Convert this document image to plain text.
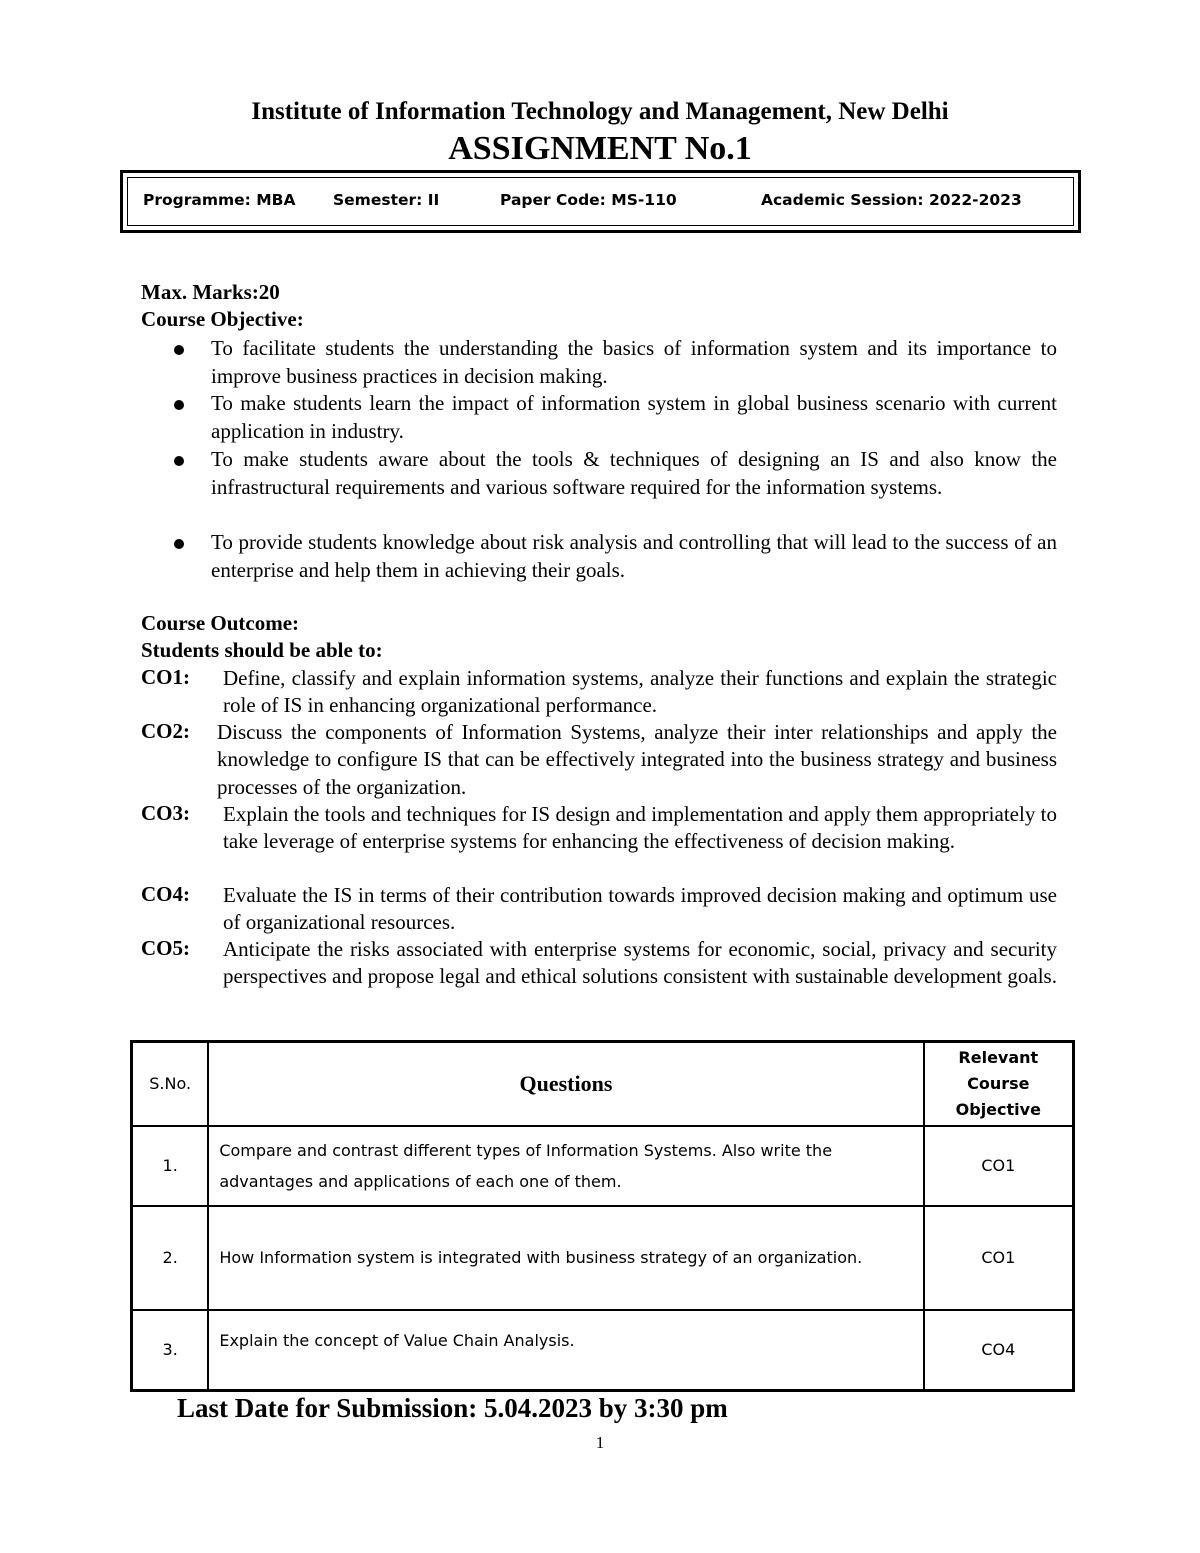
Institute of Information Technology and Management, New Delhi
ASSIGNMENT No.1
Programme: MBA Semester: II	Paper Code: MS-110	Academic Session: 2022-2023
Max. Marks:20
Course Objective:
To facilitate students the understanding the basics of information system and its importance to improve business practices in decision making.
To make students learn the impact of information system in global business scenario with current application in industry.
To make students aware about the tools & techniques of designing an IS and also know the infrastructural requirements and various software required for the information systems.
To provide students knowledge about risk analysis and controlling that will lead to the success of an enterprise and help them in achieving their goals.
Course Outcome:
Students should be able to:
CO1: Define, classify and explain information systems, analyze their functions and explain the strategic role of IS in enhancing organizational performance.
CO2: Discuss the components of Information Systems, analyze their inter relationships and apply the knowledge to configure IS that can be effectively integrated into the business strategy and business processes of the organization.
CO3: Explain the tools and techniques for IS design and implementation and apply them appropriately to take leverage of enterprise systems for enhancing the effectiveness of decision making.
CO4: Evaluate the IS in terms of their contribution towards improved decision making and optimum use of organizational resources.
CO5: Anticipate the risks associated with enterprise systems for economic, social, privacy and security perspectives and propose legal and ethical solutions consistent with sustainable development goals.
S.No.	Questions	Relevant Course Objective
1.	Compare and contrast different types of Information Systems. Also write the advantages and applications of each one of them.	CO1
2.	How Information system is integrated with business strategy of an organization.	CO1
3.	Explain the concept of Value Chain Analysis.	CO4
Last Date for Submission: 5.04.2023 by 3:30 pm
1
